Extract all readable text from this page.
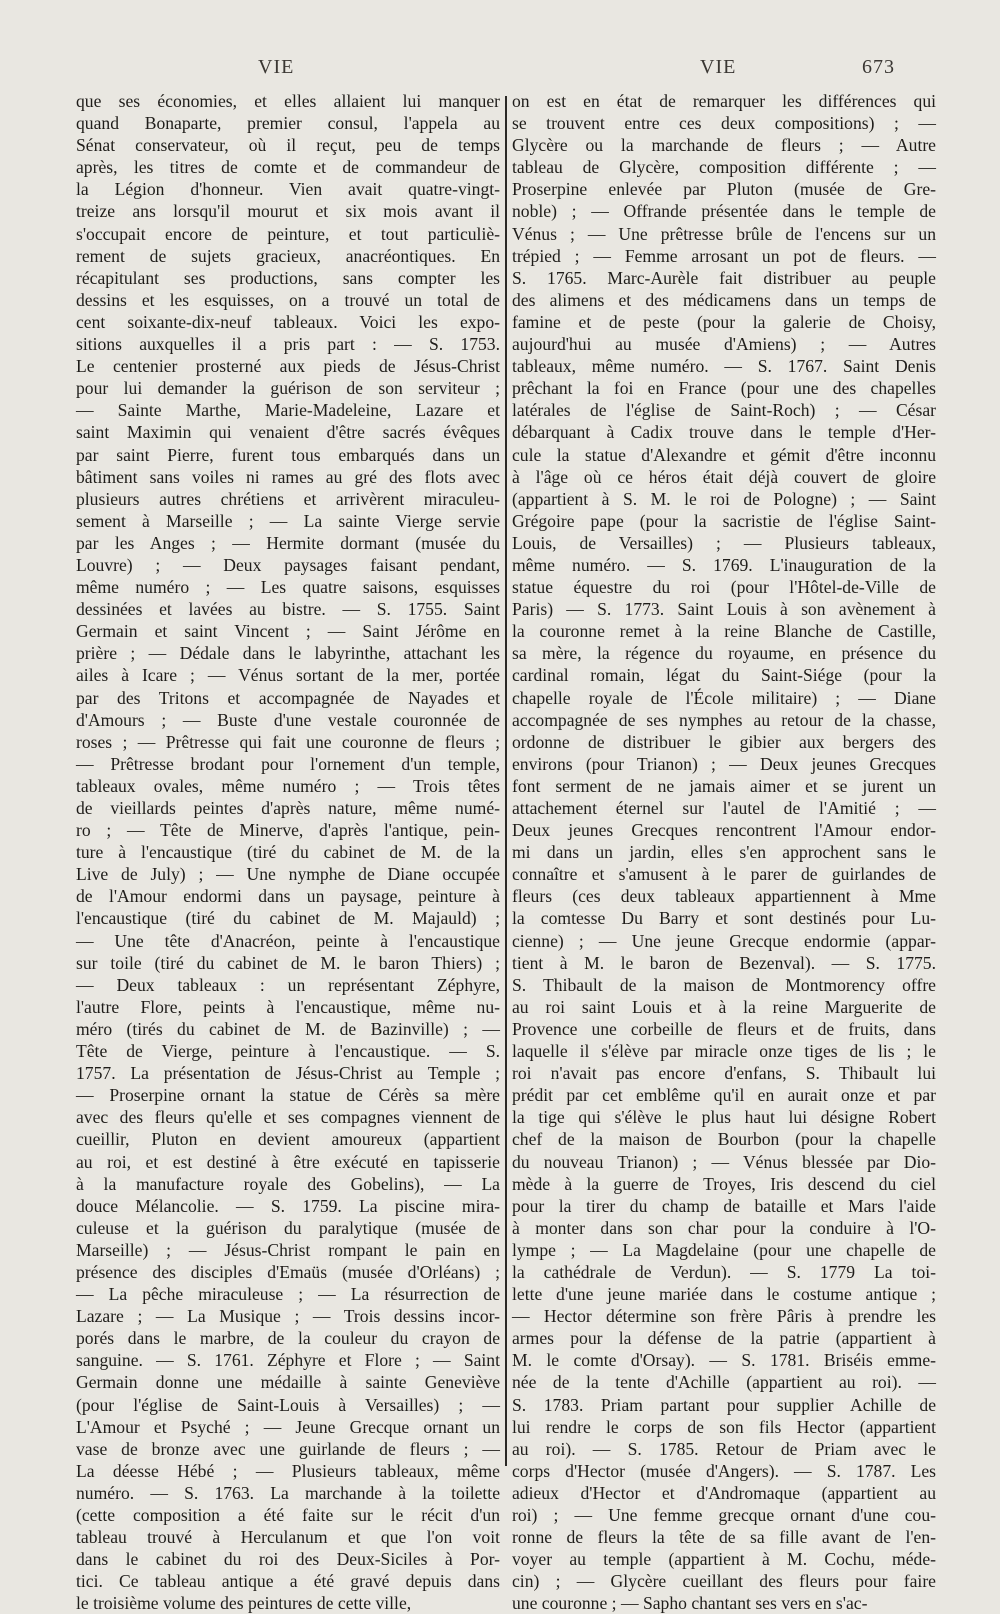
VIE	VIE	673
que ses économies, et elles allaient lui manquer
quand Bonaparte, premier consul, l'appela au
Sénat conservateur, où il reçut, peu de temps
après, les titres de comte et de commandeur de
la Légion d'honneur. Vien avait quatre-vingt-
treize ans lorsqu'il mourut et six mois avant il
s'occupait encore de peinture, et tout particuliè-
rement de sujets gracieux, anacréontiques. En
récapitulant ses productions, sans compter les
dessins et les esquisses, on a trouvé un total de
cent soixante-dix-neuf tableaux. Voici les expo-
sitions auxquelles il a pris part : — S. 1753.
Le centenier prosterné aux pieds de Jésus-Christ
pour lui demander la guérison de son serviteur ;
— Sainte Marthe, Marie-Madeleine, Lazare et
saint Maximin qui venaient d'être sacrés évêques
par saint Pierre, furent tous embarqués dans un
bâtiment sans voiles ni rames au gré des flots avec
plusieurs autres chrétiens et arrivèrent miraculeu-
sement à Marseille ; — La sainte Vierge servie
par les Anges ; — Hermite dormant (musée du
Louvre) ; — Deux paysages faisant pendant,
même numéro ; — Les quatre saisons, esquisses
dessinées et lavées au bistre. — S. 1755. Saint
Germain et saint Vincent ; — Saint Jérôme en
prière ; — Dédale dans le labyrinthe, attachant les
ailes à Icare ; — Vénus sortant de la mer, portée
par des Tritons et accompagnée de Nayades et
d'Amours ; — Buste d'une vestale couronnée de
roses ; — Prêtresse qui fait une couronne de fleurs ;
— Prêtresse brodant pour l'ornement d'un temple,
tableaux ovales, même numéro ; — Trois têtes
de vieillards peintes d'après nature, même numé-
ro ; — Tête de Minerve, d'après l'antique, pein-
ture à l'encaustique (tiré du cabinet de M. de la
Live de July) ; — Une nymphe de Diane occupée
de l'Amour endormi dans un paysage, peinture à
l'encaustique (tiré du cabinet de M. Majauld) ;
— Une tête d'Anacréon, peinte à l'encaustique
sur toile (tiré du cabinet de M. le baron Thiers) ;
— Deux tableaux : un représentant Zéphyre,
l'autre Flore, peints à l'encaustique, même nu-
méro (tirés du cabinet de M. de Bazinville) ; —
Tête de Vierge, peinture à l'encaustique. — S.
1757. La présentation de Jésus-Christ au Temple ;
— Proserpine ornant la statue de Cérès sa mère
avec des fleurs qu'elle et ses compagnes viennent de
cueillir, Pluton en devient amoureux (appartient
au roi, et est destiné à être exécuté en tapisserie
à la manufacture royale des Gobelins), — La
douce Mélancolie. — S. 1759. La piscine mira-
culeuse et la guérison du paralytique (musée de
Marseille) ; — Jésus-Christ rompant le pain en
présence des disciples d'Emaüs (musée d'Orléans) ;
— La pêche miraculeuse ; — La résurrection de
Lazare ; — La Musique ; — Trois dessins incor-
porés dans le marbre, de la couleur du crayon de
sanguine. — S. 1761. Zéphyre et Flore ; — Saint
Germain donne une médaille à sainte Geneviève
(pour l'église de Saint-Louis à Versailles) ; —
L'Amour et Psyché ; — Jeune Grecque ornant un
vase de bronze avec une guirlande de fleurs ; —
La déesse Hébé ; — Plusieurs tableaux, même
numéro. — S. 1763. La marchande à la toilette
(cette composition a été faite sur le récit d'un
tableau trouvé à Herculanum et que l'on voit
dans le cabinet du roi des Deux-Siciles à Por-
tici. Ce tableau antique a été gravé depuis dans
le troisième volume des peintures de cette ville,
on est en état de remarquer les différences qui
se trouvent entre ces deux compositions) ; —
Glycère ou la marchande de fleurs ; — Autre
tableau de Glycère, composition différente ; —
Proserpine enlevée par Pluton (musée de Gre-
noble) ; — Offrande présentée dans le temple de
Vénus ; — Une prêtresse brûle de l'encens sur un
trépied ; — Femme arrosant un pot de fleurs. —
S. 1765. Marc-Aurèle fait distribuer au peuple
des alimens et des médicamens dans un temps de
famine et de peste (pour la galerie de Choisy,
aujourd'hui au musée d'Amiens) ; — Autres
tableaux, même numéro. — S. 1767. Saint Denis
prêchant la foi en France (pour une des chapelles
latérales de l'église de Saint-Roch) ; — César
débarquant à Cadix trouve dans le temple d'Her-
cule la statue d'Alexandre et gémit d'être inconnu
à l'âge où ce héros était déjà couvert de gloire
(appartient à S. M. le roi de Pologne) ; — Saint
Grégoire pape (pour la sacristie de l'église Saint-
Louis, de Versailles) ; — Plusieurs tableaux,
même numéro. — S. 1769. L'inauguration de la
statue équestre du roi (pour l'Hôtel-de-Ville de
Paris) — S. 1773. Saint Louis à son avènement à
la couronne remet à la reine Blanche de Castille,
sa mère, la régence du royaume, en présence du
cardinal romain, légat du Saint-Siége (pour la
chapelle royale de l'École militaire) ; — Diane
accompagnée de ses nymphes au retour de la chasse,
ordonne de distribuer le gibier aux bergers des
environs (pour Trianon) ; — Deux jeunes Grecques
font serment de ne jamais aimer et se jurent un
attachement éternel sur l'autel de l'Amitié ; —
Deux jeunes Grecques rencontrent l'Amour endor-
mi dans un jardin, elles s'en approchent sans le
connaître et s'amusent à le parer de guirlandes de
fleurs (ces deux tableaux appartiennent à Mme
la comtesse Du Barry et sont destinés pour Lu-
cienne) ; — Une jeune Grecque endormie (appar-
tient à M. le baron de Bezenval). — S. 1775.
S. Thibault de la maison de Montmorency offre
au roi saint Louis et à la reine Marguerite de
Provence une corbeille de fleurs et de fruits, dans
laquelle il s'élève par miracle onze tiges de lis ; le
roi n'avait pas encore d'enfans, S. Thibault lui
prédit par cet emblême qu'il en aurait onze et par
la tige qui s'élève le plus haut lui désigne Robert
chef de la maison de Bourbon (pour la chapelle
du nouveau Trianon) ; — Vénus blessée par Dio-
mède à la guerre de Troyes, Iris descend du ciel
pour la tirer du champ de bataille et Mars l'aide
à monter dans son char pour la conduire à l'O-
lympe ; — La Magdelaine (pour une chapelle de
la cathédrale de Verdun). — S. 1779 La toi-
lette d'une jeune mariée dans le costume antique ;
— Hector détermine son frère Pâris à prendre les
armes pour la défense de la patrie (appartient à
M. le comte d'Orsay). — S. 1781. Briséis emme-
née de la tente d'Achille (appartient au roi). —
S. 1783. Priam partant pour supplier Achille de
lui rendre le corps de son fils Hector (appartient
au roi). — S. 1785. Retour de Priam avec le
corps d'Hector (musée d'Angers). — S. 1787. Les
adieux d'Hector et d'Andromaque (appartient au
roi) ; — Une femme grecque ornant d'une cou-
ronne de fleurs la tête de sa fille avant de l'en-
voyer au temple (appartient à M. Cochu, méde-
cin) ; — Glycère cueillant des fleurs pour faire
une couronne ; — Sapho chantant ses vers en s'ac-
